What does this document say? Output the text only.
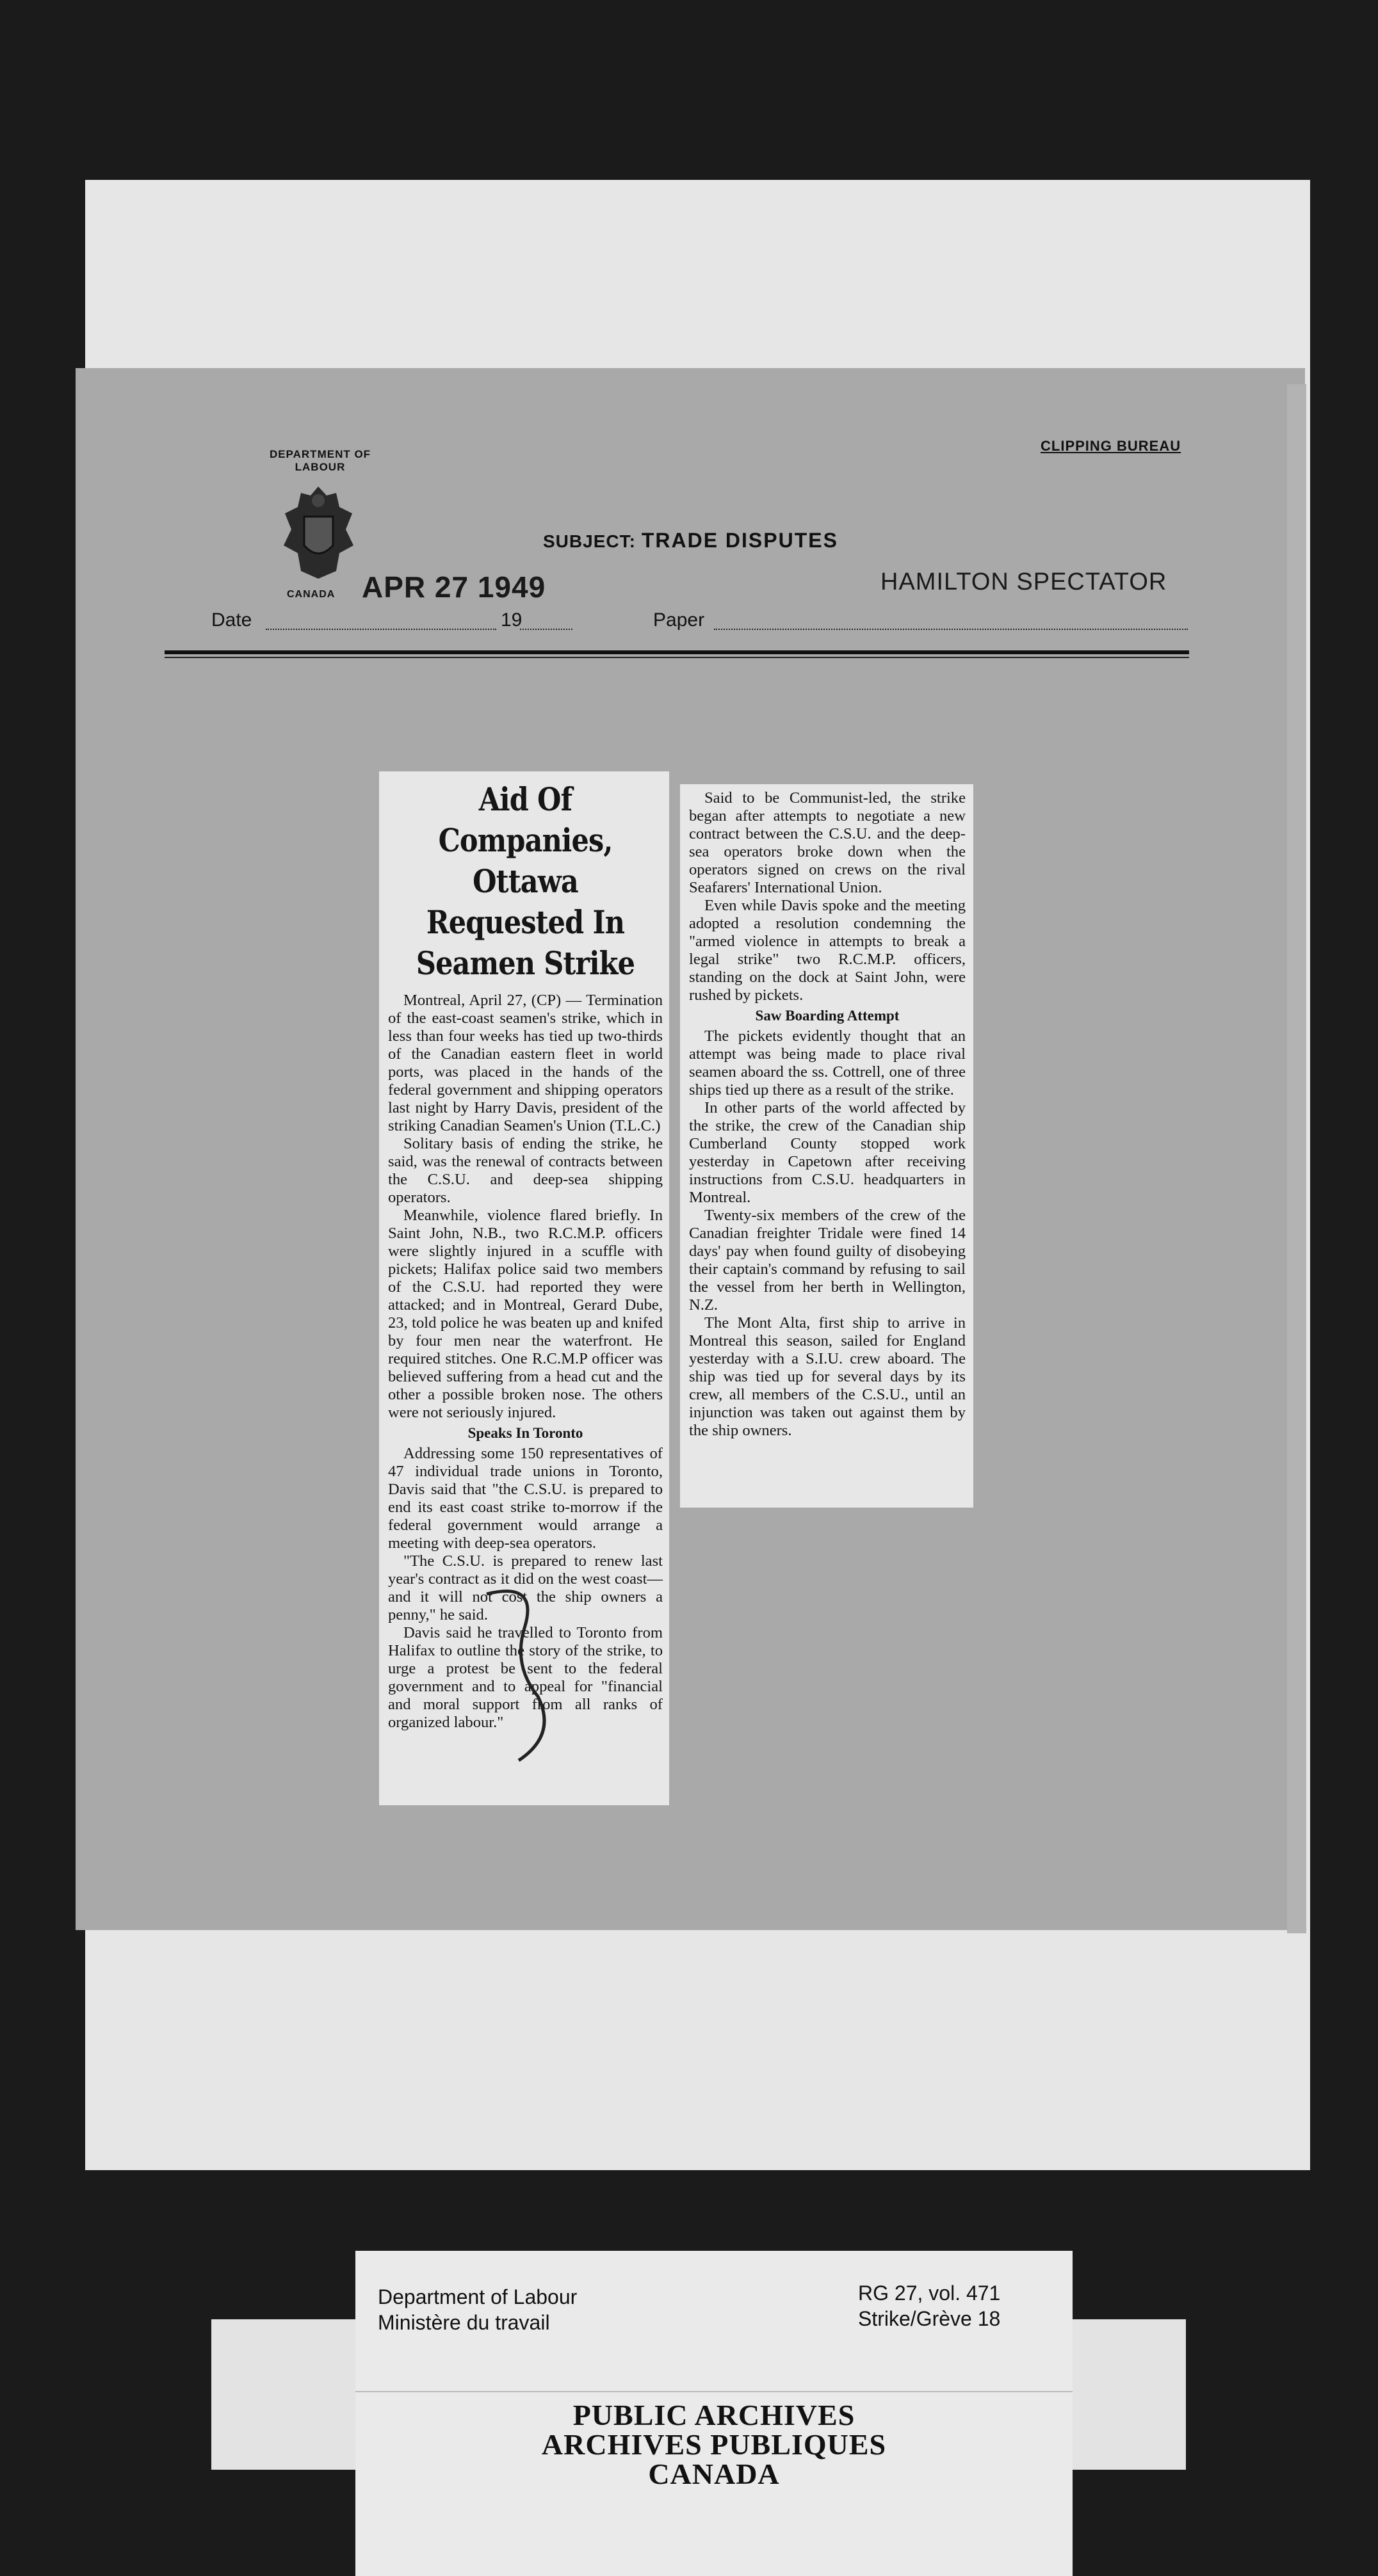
DEPARTMENT OF LABOUR
CANADA
CLIPPING BUREAU
SUBJECT: TRADE DISPUTES
APR 27 1949	HAMILTON SPECTATOR
Date	19	Paper
Aid Of Companies, Ottawa Requested In Seamen Strike

Montreal, April 27, (CP) — Termination of the east-coast seamen's strike, which in less than four weeks has tied up two-thirds of the Canadian eastern fleet in world ports, was placed in the hands of the federal government and shipping operators last night by Harry Davis, president of the striking Canadian Seamen's Union (T.L.C.)

Solitary basis of ending the strike, he said, was the renewal of contracts between the C.S.U. and deep-sea shipping operators.

Meanwhile, violence flared briefly. In Saint John, N.B., two R.C.M.P. officers were slightly injured in a scuffle with pickets; Halifax police said two members of the C.S.U. had reported they were attacked; and in Montreal, Gerard Dube, 23, told police he was beaten up and knifed by four men near the waterfront. He required stitches. One R.C.M.P officer was believed suffering from a head cut and the other a possible broken nose. The others were not seriously injured.

Speaks In Toronto

Addressing some 150 representatives of 47 individual trade unions in Toronto, Davis said that "the C.S.U. is prepared to end its east coast strike to-morrow if the federal government would arrange a meeting with deep-sea operators.

"The C.S.U. is prepared to renew last year's contract as it did on the west coast—and it will not cost the ship owners a penny," he said.

Davis said he travelled to Toronto from Halifax to outline the story of the strike, to urge a protest be sent to the federal government and to appeal for "financial and moral support from all ranks of organized labour."

Said to be Communist-led, the strike began after attempts to negotiate a new contract between the C.S.U. and the deep-sea operators broke down when the operators signed on crews on the rival Seafarers' International Union.

Even while Davis spoke and the meeting adopted a resolution condemning the "armed violence in attempts to break a legal strike" two R.C.M.P. officers, standing on the dock at Saint John, were rushed by pickets.

Saw Boarding Attempt

The pickets evidently thought that an attempt was being made to place rival seamen aboard the ss. Cottrell, one of three ships tied up there as a result of the strike.

In other parts of the world affected by the strike, the crew of the Canadian ship Cumberland County stopped work yesterday in Capetown after receiving instructions from C.S.U. headquarters in Montreal.

Twenty-six members of the crew of the Canadian freighter Tridale were fined 14 days' pay when found guilty of disobeying their captain's command by refusing to sail the vessel from her berth in Wellington, N.Z.

The Mont Alta, first ship to arrive in Montreal this season, sailed for England yesterday with a S.I.U. crew aboard. The ship was tied up for several days by its crew, all members of the C.S.U., until an injunction was taken out against them by the ship owners.

Department of Labour
Ministère du travail
RG 27, vol. 471
Strike/Grève 18
PUBLIC ARCHIVES
ARCHIVES PUBLIQUES
CANADA
